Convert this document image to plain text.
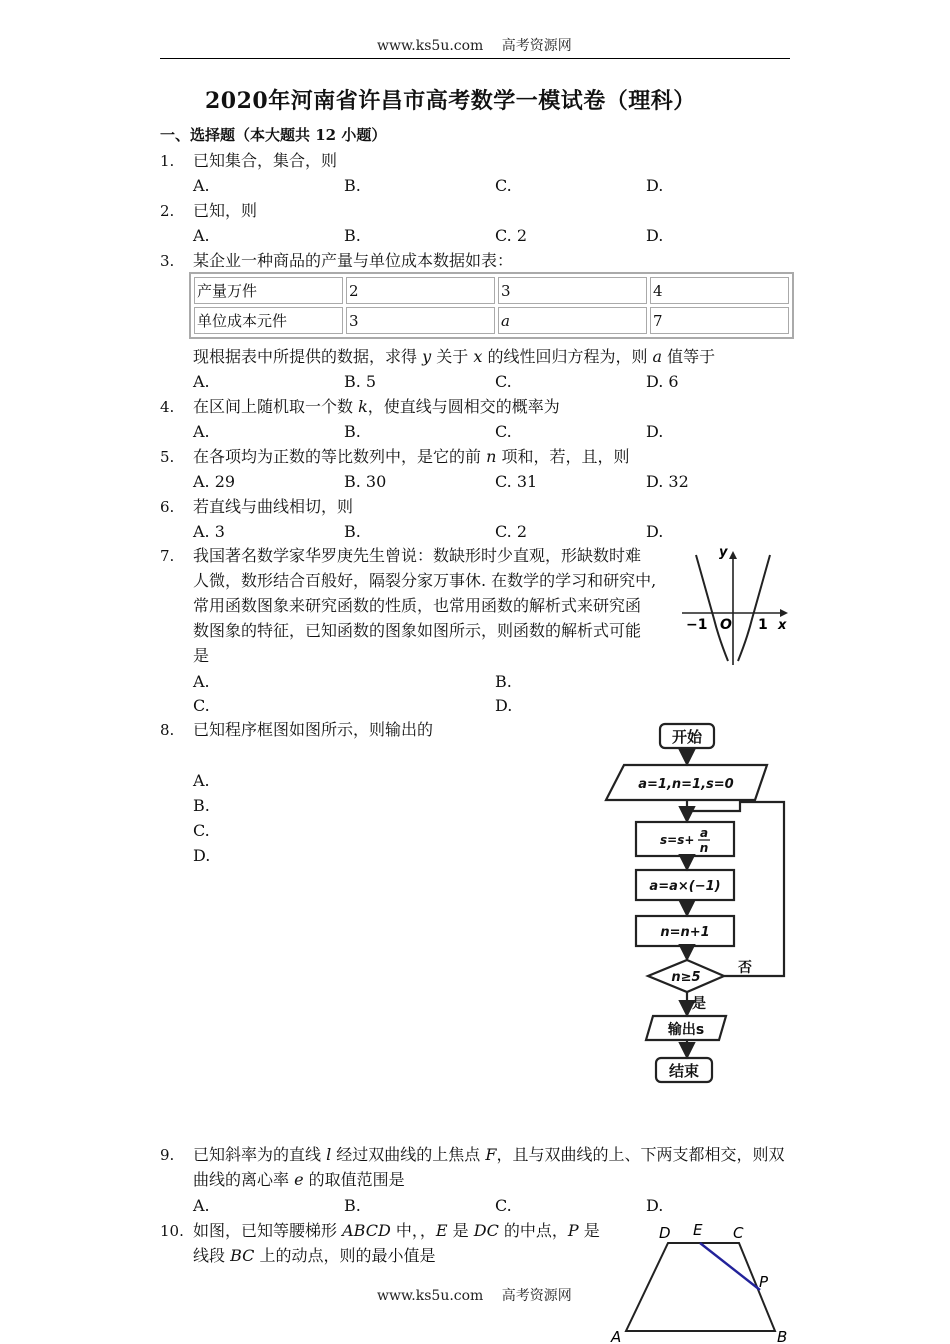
www.ks5u.com 高考资源网
2020年河南省许昌市高考数学一模试卷（理科）
一、选择题（本大题共 12 小题）
1. 已知集合，集合，则
A.	B.	C.	D.
2. 已知，则
A.	B.	C. 2	D.
3. 某企业一种商品的产量与单位成本数据如表：
产量万件	2	3	4
单位成本元件	3	a	7
现根据表中所提供的数据，求得 y 关于 x 的线性回归方程为，则 a 值等于
A.	B. 5	C.	D. 6
4. 在区间上随机取一个数 k，使直线与圆相交的概率为
A.	B.	C.	D.
5. 在各项均为正数的等比数列中，是它的前 n 项和，若，且，则
A. 29	B. 30	C. 31	D. 32
6. 若直线与曲线相切，则
A. 3	B.	C. 2	D.
7. 我国著名数学家华罗庚先生曾说：数缺形时少直观，形缺数时难
人微，数形结合百般好，隔裂分家万事休. 在数学的学习和研究中,
常用函数图象来研究函数的性质，也常用函数的解析式来研究函
数图象的特征，已知函数的图象如图所示，则函数的解析式可能
是
A.	B.
C.	D.
y
x
−1 O 1
8. 已知程序框图如图所示，则输出的
A.
B.
C.
D.
开始
a=1,n=1,s=0
s=s+ a
n
a=a×(−1)
n=n+1
n≥5
否
是
输出s
结束
9. 已知斜率为的直线 l 经过双曲线的上焦点 F，且与双曲线的上、下两支都相交，则双
曲线的离心率 e 的取值范围是
A.	B.	C.	D.
10. 如图，已知等腰梯形 ABCD 中，，E 是 DC 的中点，P 是
线段 BC 上的动点，则的最小值是
D E C
P
A	B
www.ks5u.com 高考资源网
